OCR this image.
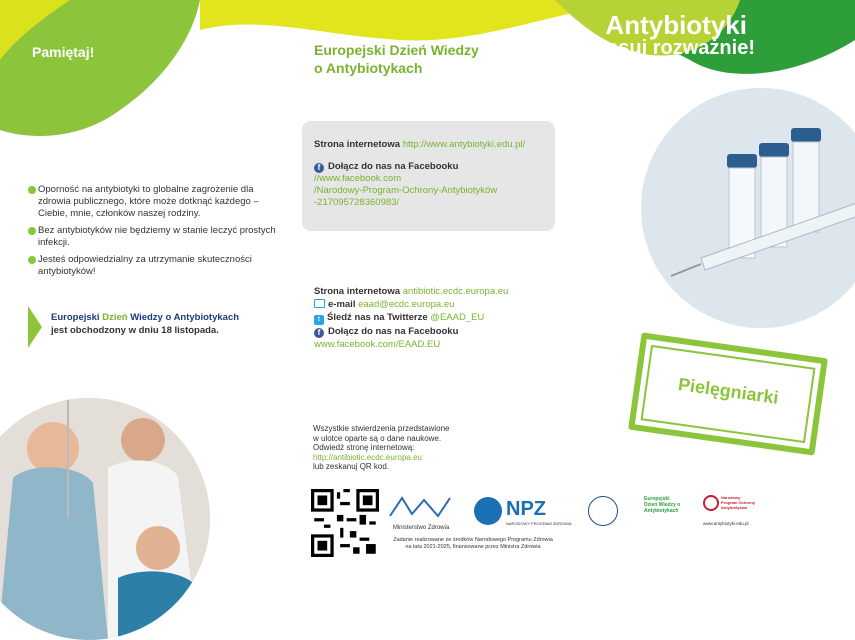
Pamiętaj!
Antybiotyki
stosuj rozważnie!
Europejski Dzień Wiedzy
o Antybiotykach
Oporność na antybiotyki to globalne zagrożenie dla zdrowia publicznego, które może dotknąć każdego – Ciebie, mnie, członków naszej rodziny.
Bez antybiotyków nie będziemy w stanie leczyć prostych infekcji.
Jesteś odpowiedzialny za utrzymanie skuteczności antybiotyków!
Europejski Dzień Wiedzy o Antybiotykach
jest obchodzony w dniu 18 listopada.
Strona internetowa http://www.antybiotyki.edu.pl/
f Dołącz do nas na Facebooku
//www.facebook.com
/Narodowy-Program-Ochrony-Antybiotyków
-217095728360983/
Strona internetowa antibiotic.ecdc.europa.eu
e-mail eaad@ecdc.europa.eu
t Śledź nas na Twitterze @EAAD_EU
f Dołącz do nas na Facebooku
www.facebook.com/EAAD.EU
Wszystkie stwierdzenia przedstawione
w ulotce oparte są o dane naukowe.
Odwiedź stronę internetową:
http://antibiotic.ecdc.europa.eu
lub zeskanuj QR kod.
Pielęgniarki
Ministerstwo Zdrowia
NPZ
NARODOWY PROGRAM ZDROWIA
Europejski Dzień Wiedzy o Antybiotykach
Narodowy Program Ochrony Antybiotyków
www.antybiotyki.edu.pl
Zadanie realizowane ze środków Narodowego Programu Zdrowia
na lata 2021-2025, finansowane przez Ministra Zdrowia
